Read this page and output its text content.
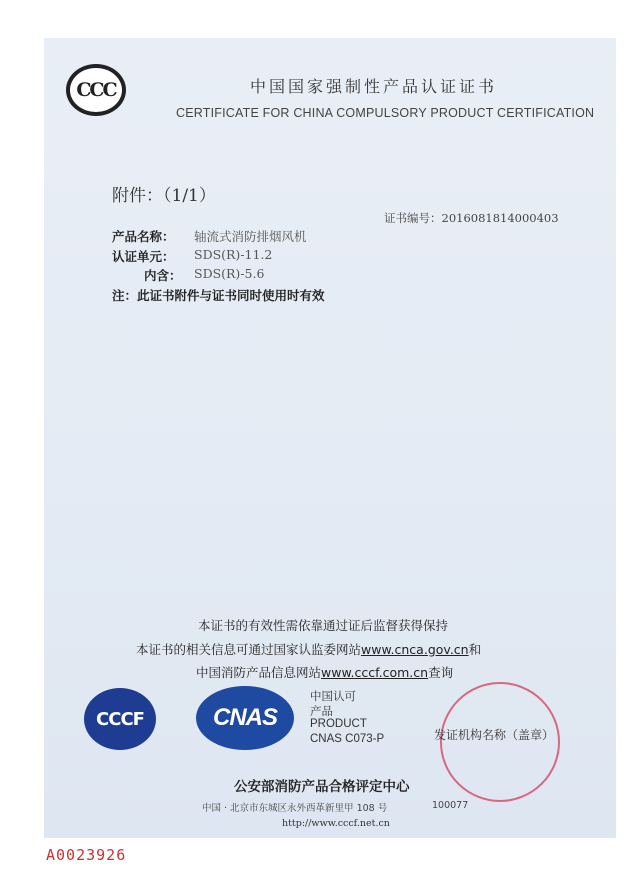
CCC	中国国家强制性产品认证证书
CERTIFICATE FOR CHINA COMPULSORY PRODUCT CERTIFICATION
附件：（1/1）
证书编号：2016081814000403
产品名称： 轴流式消防排烟风机
认证单元： SDS(R)-11.2
内含： SDS(R)-5.6
注：此证书附件与证书同时使用时有效
本证书的有效性需依靠通过证后监督获得保持
本证书的相关信息可通过国家认监委网站www.cnca.gov.cn和
中国消防产品信息网站www.cccf.com.cn查询
CCCF	CNAS
中国认可
产品
PRODUCT
CNAS C073-P	发证机构名称（盖章）
公安部消防产品合格评定中心
中国 · 北京市东城区永外西革新里甲 108 号	100077
http://www.cccf.net.cn
A0023926
